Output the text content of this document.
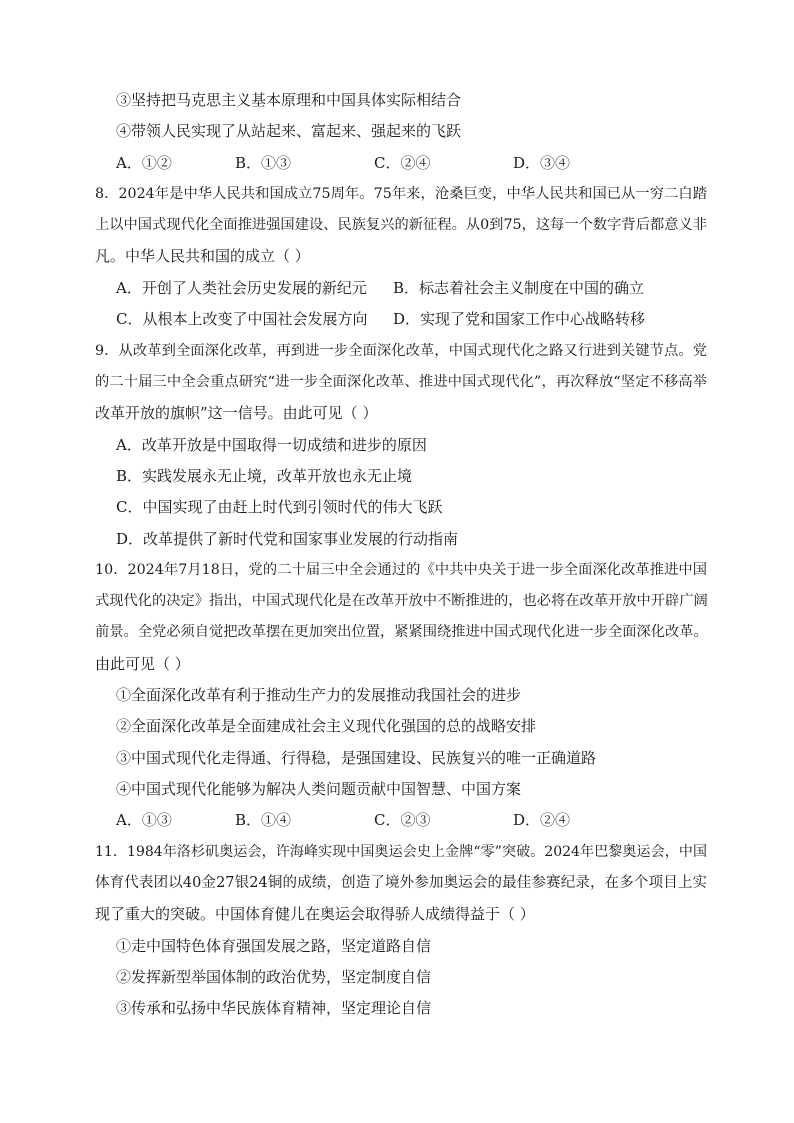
③坚持把马克思主义基本原理和中国具体实际相结合
④带领人民实现了从站起来、富起来、强起来的飞跃
A．①②	B．①③	C．②④	D．③④
8．2024年是中华人民共和国成立75周年。75年来，沧桑巨变，中华人民共和国已从一穷二白踏
上以中国式现代化全面推进强国建设、民族复兴的新征程。从0到75，这每一个数字背后都意义非
凡。中华人民共和国的成立（ ）
A．开创了人类社会历史发展的新纪元 B．标志着社会主义制度在中国的确立
C．从根本上改变了中国社会发展方向 D．实现了党和国家工作中心战略转移
9．从改革到全面深化改革，再到进一步全面深化改革，中国式现代化之路又行进到关键节点。党
的二十届三中全会重点研究“进一步全面深化改革、推进中国式现代化”，再次释放“坚定不移高举
改革开放的旗帜”这一信号。由此可见（ ）
A．改革开放是中国取得一切成绩和进步的原因
B．实践发展永无止境，改革开放也永无止境
C．中国实现了由赶上时代到引领时代的伟大飞跃
D．改革提供了新时代党和国家事业发展的行动指南
10．2024年7月18日，党的二十届三中全会通过的《中共中央关于进一步全面深化改革推进中国
式现代化的决定》指出，中国式现代化是在改革开放中不断推进的，也必将在改革开放中开辟广阔
前景。全党必须自觉把改革摆在更加突出位置，紧紧围绕推进中国式现代化进一步全面深化改革。
由此可见（ ）
①全面深化改革有利于推动生产力的发展推动我国社会的进步
②全面深化改革是全面建成社会主义现代化强国的总的战略安排
③中国式现代化走得通、行得稳，是强国建设、民族复兴的唯一正确道路
④中国式现代化能够为解决人类问题贡献中国智慧、中国方案
A．①③	B．①④	C．②③	D．②④
11．1984年洛杉矶奥运会，许海峰实现中国奥运会史上金牌“零”突破。2024年巴黎奥运会，中国
体育代表团以40金27银24铜的成绩，创造了境外参加奥运会的最佳参赛纪录，在多个项目上实
现了重大的突破。中国体育健儿在奥运会取得骄人成绩得益于（ ）
①走中国特色体育强国发展之路，坚定道路自信
②发挥新型举国体制的政治优势，坚定制度自信
③传承和弘扬中华民族体育精神，坚定理论自信
